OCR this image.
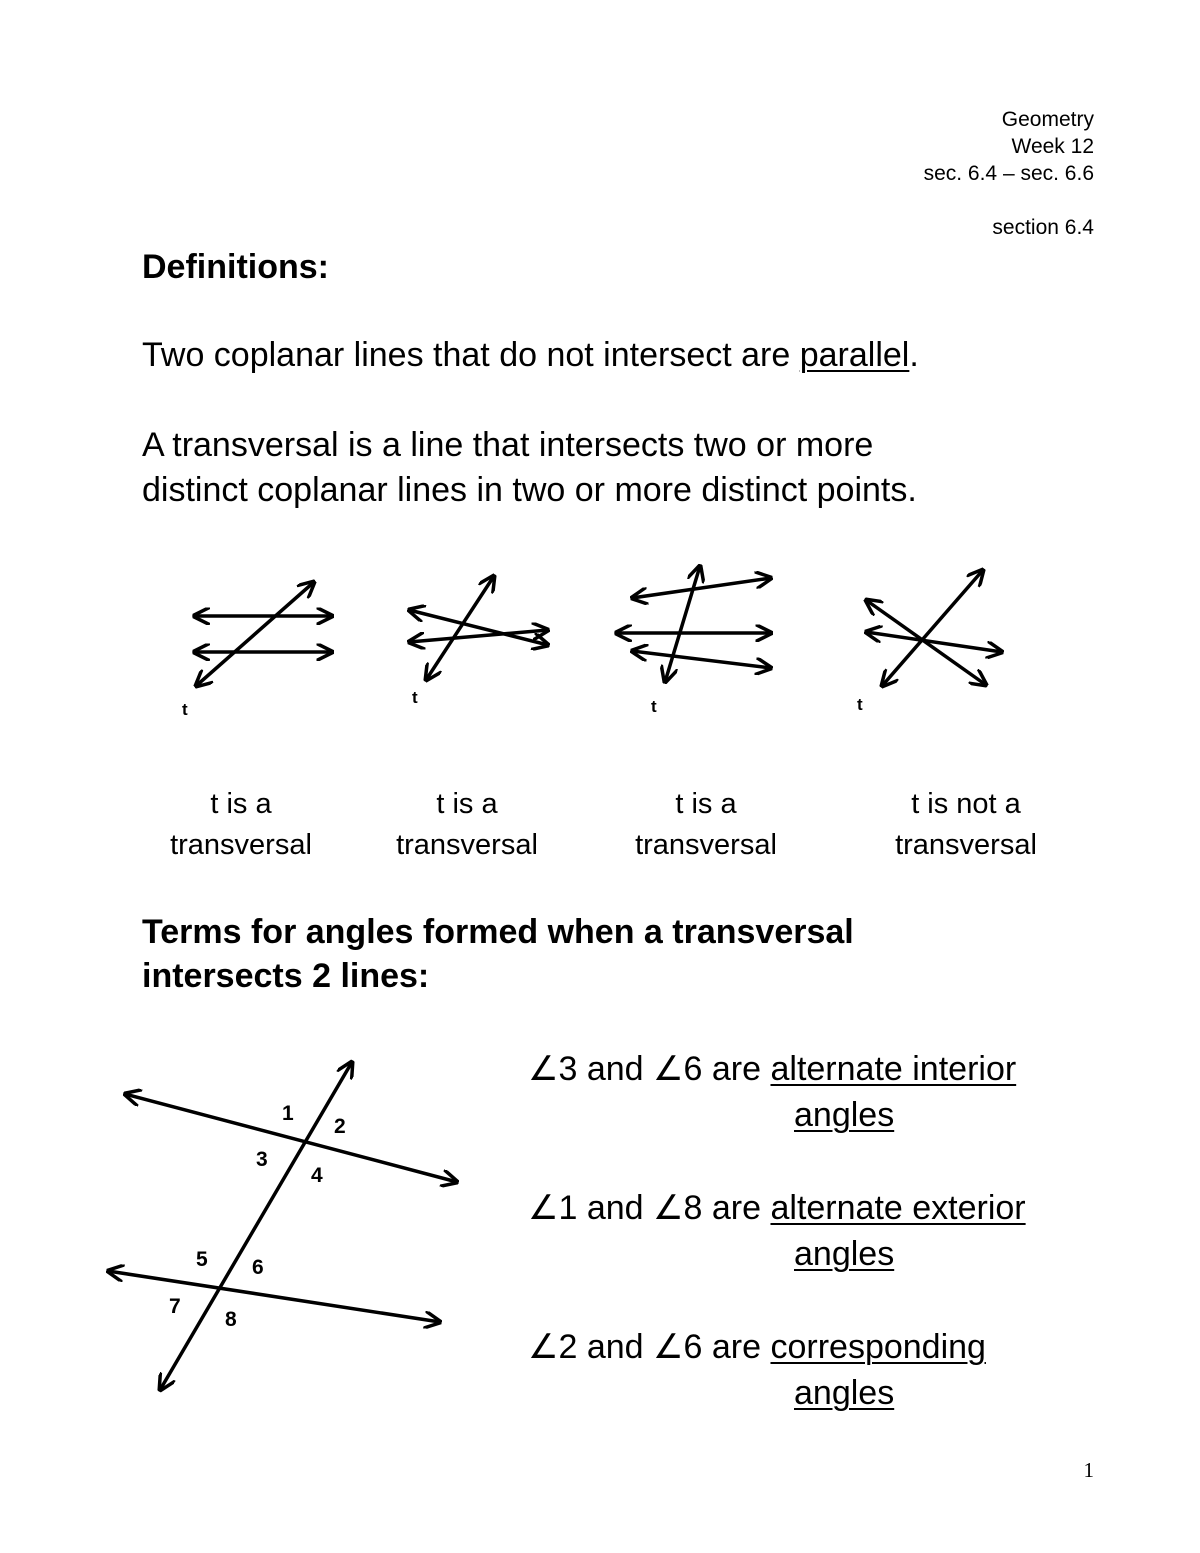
Geometry
Week 12
sec. 6.4 – sec. 6.6
section 6.4
Definitions:
Two coplanar lines that do not intersect are parallel.
A transversal is a line that intersects two or more
distinct coplanar lines in two or more distinct points.
t
t	t	t
t is a
transversal
t is a
transversal
t is a
transversal
t is not a
transversal
Terms for angles formed when a transversal
intersects 2 lines:
1
2
3
4
5 6
7
8
∠3 and ∠6 are alternate interior
angles
∠1 and ∠8 are alternate exterior
angles
∠2 and ∠6 are corresponding
angles
1
